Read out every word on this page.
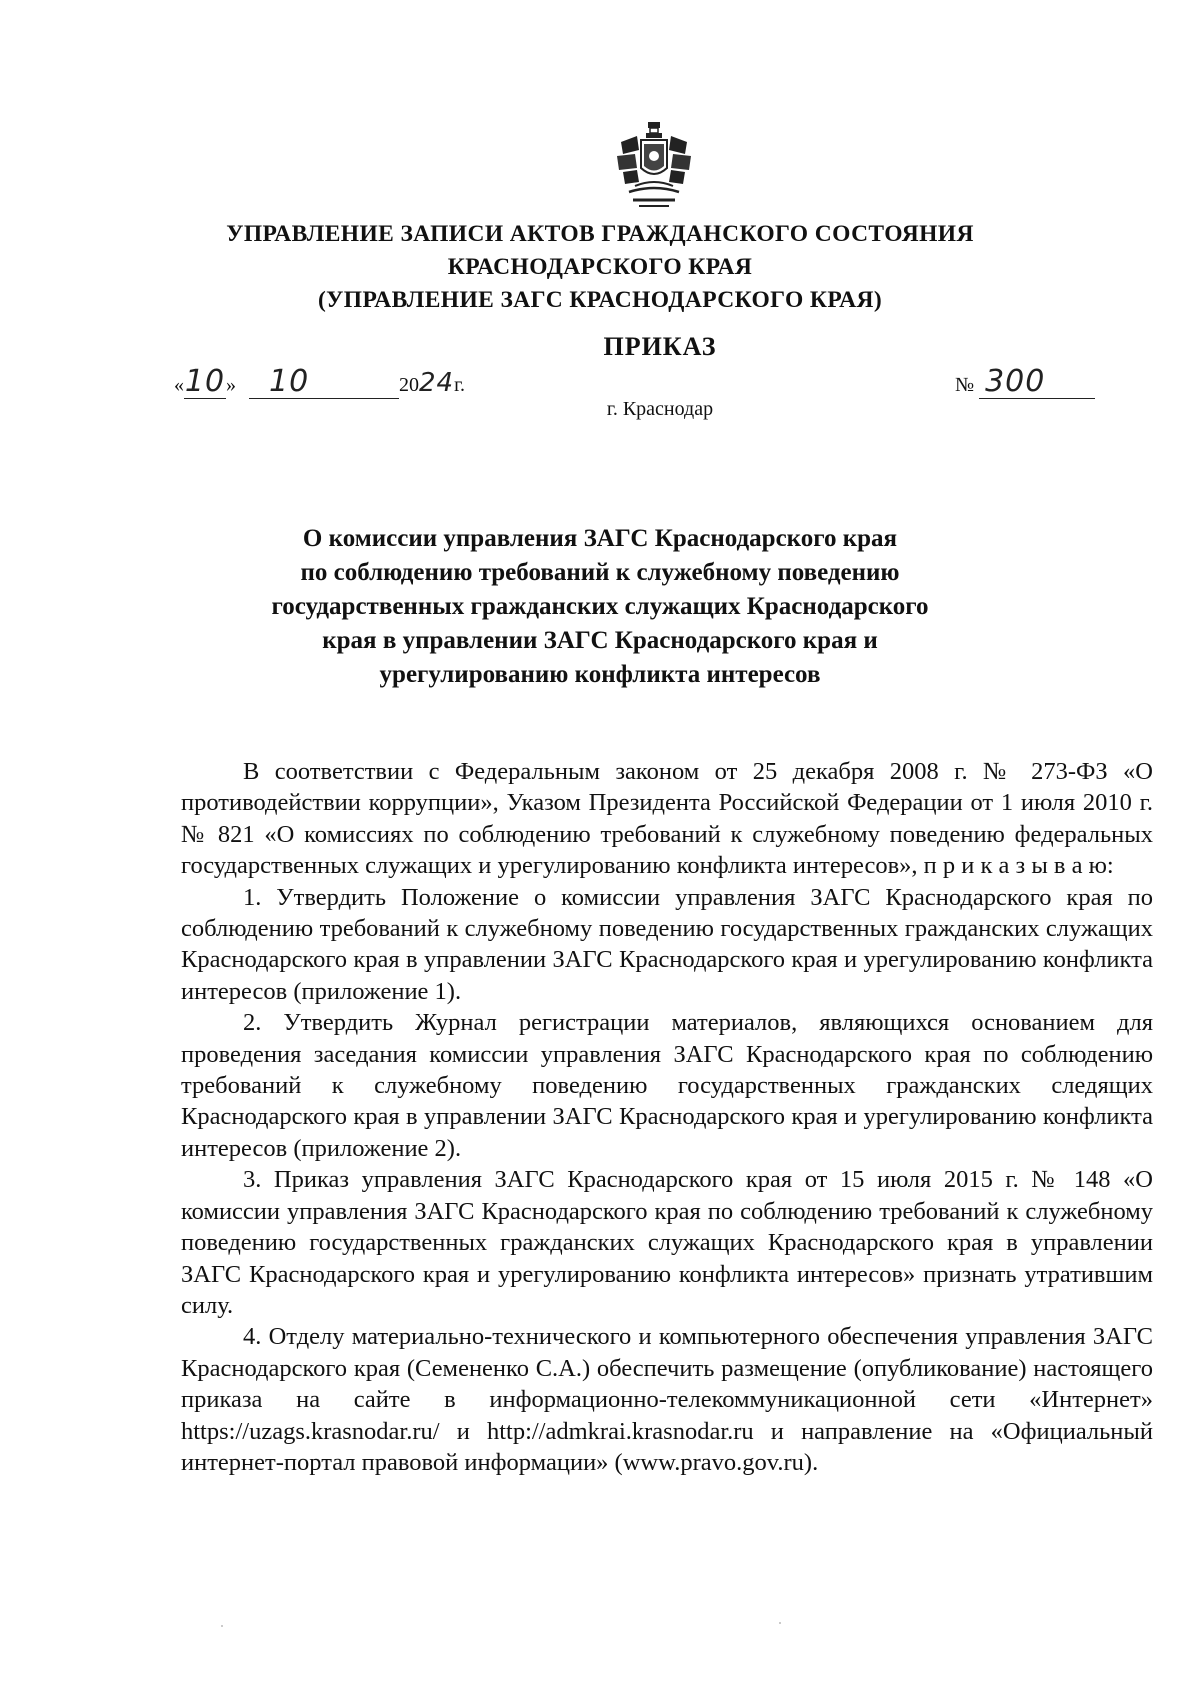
УПРАВЛЕНИЕ ЗАПИСИ АКТОВ ГРАЖДАНСКОГО СОСТОЯНИЯ
КРАСНОДАРСКОГО КРАЯ
(УПРАВЛЕНИЕ ЗАГС КРАСНОДАРСКОГО КРАЯ)
ПРИКАЗ
«10» 10	2024г.	№ 300
г. Краснодар
О комиссии управления ЗАГС Краснодарского края
по соблюдению требований к служебному поведению
государственных гражданских служащих Краснодарского
края в управлении ЗАГС Краснодарского края и
урегулированию конфликта интересов

В соответствии с Федеральным законом от 25 декабря 2008 г. № 273-ФЗ «О противодействии коррупции», Указом Президента Российской Федерации от 1 июля 2010 г. № 821 «О комиссиях по соблюдению требований к служебному поведению федеральных государственных служащих и урегулированию конфликта интересов», п р и к а з ы в а ю:

1. Утвердить Положение о комиссии управления ЗАГС Краснодарского края по соблюдению требований к служебному поведению государственных гражданских служащих Краснодарского края в управлении ЗАГС Краснодарского края и урегулированию конфликта интересов (приложение 1).

2. Утвердить Журнал регистрации материалов, являющихся основанием для проведения заседания комиссии управления ЗАГС Краснодарского края по соблюдению требований к служебному поведению государственных гражданских следящих Краснодарского края в управлении ЗАГС Краснодарского края и урегулированию конфликта интересов (приложение 2).

3. Приказ управления ЗАГС Краснодарского края от 15 июля 2015 г. № 148 «О комиссии управления ЗАГС Краснодарского края по соблюдению требований к служебному поведению государственных гражданских служащих Краснодарского края в управлении ЗАГС Краснодарского края и урегулированию конфликта интересов» признать утратившим силу.

4. Отделу материально-технического и компьютерного обеспечения управления ЗАГС Краснодарского края (Семененко С.А.) обеспечить размещение (опубликование) настоящего приказа на сайте в информационно-телекоммуникационной сети «Интернет» https://uzags.krasnodar.ru/ и http://admkrai.krasnodar.ru и направление на «Официальный интернет-портал правовой информации» (www.pravo.gov.ru).
